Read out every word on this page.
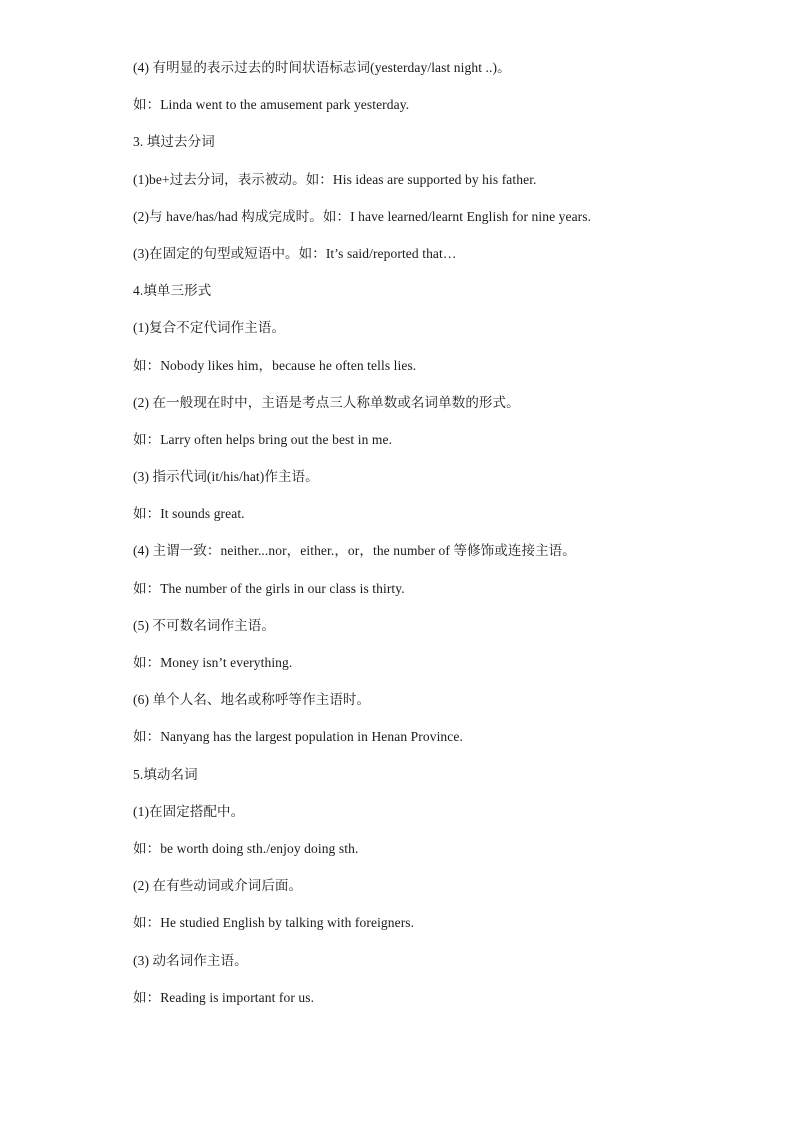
(4) 有明显的表示过去的时间状语标志词(yesterday/last night ..)。
如：Linda went to the amusement park yesterday.
3. 填过去分词
(1)be+过去分词，表示被动。如：His ideas are supported by his father.
(2)与 have/has/had 构成完成时。如：I have learned/learnt English for nine years.
(3)在固定的句型或短语中。如：It’s said/reported that…
4.填单三形式
(1)复合不定代词作主语。
如：Nobody likes him，because he often tells lies.
(2) 在一般现在时中，主语是考点三人称单数或名词单数的形式。
如：Larry often helps bring out the best in me.
(3) 指示代词(it/his/hat)作主语。
如：It sounds great.
(4) 主谓一致：neither...nor，either.，or，the number of 等修饰或连接主语。
如：The number of the girls in our class is thirty.
(5) 不可数名词作主语。
如：Money isn’t everything.
(6) 单个人名、地名或称呼等作主语时。
如：Nanyang has the largest population in Henan Province.
5.填动名词
(1)在固定搭配中。
如：be worth doing sth./enjoy doing sth.
(2) 在有些动词或介词后面。
如：He studied English by talking with foreigners.
(3) 动名词作主语。
如：Reading is important for us.
